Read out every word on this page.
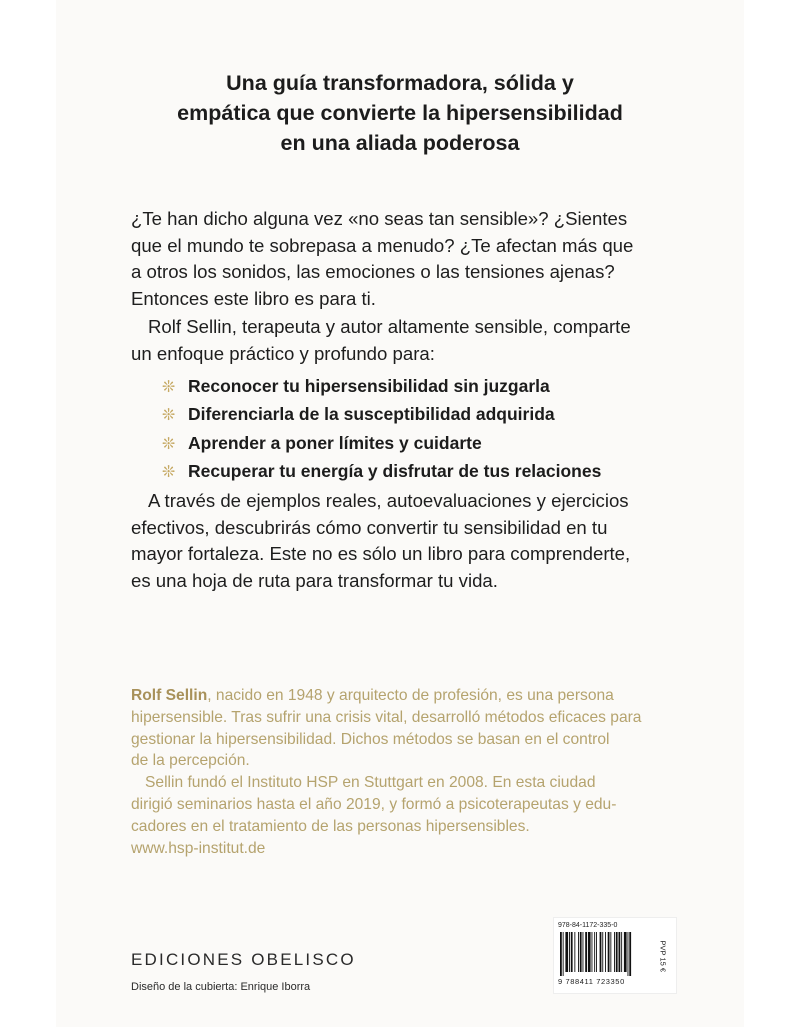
Una guía transformadora, sólida y
empática que convierte la hipersensibilidad
en una aliada poderosa

¿Te han dicho alguna vez «no seas tan sensible»? ¿Sientes
que el mundo te sobrepasa a menudo? ¿Te afectan más que
a otros los sonidos, las emociones o las tensiones ajenas?
Entonces este libro es para ti.

Rolf Sellin, terapeuta y autor altamente sensible, comparte
un enfoque práctico y profundo para:

❊ Reconocer tu hipersensibilidad sin juzgarla
❊ Diferenciarla de la susceptibilidad adquirida
❊ Aprender a poner límites y cuidarte
❊ Recuperar tu energía y disfrutar de tus relaciones

A través de ejemplos reales, autoevaluaciones y ejercicios
efectivos, descubrirás cómo convertir tu sensibilidad en tu
mayor fortaleza. Este no es sólo un libro para comprenderte,
es una hoja de ruta para transformar tu vida.

Rolf Sellin, nacido en 1948 y arquitecto de profesión, es una persona
hipersensible. Tras sufrir una crisis vital, desarrolló métodos eficaces para
gestionar la hipersensibilidad. Dichos métodos se basan en el control
de la percepción.
Sellin fundó el Instituto HSP en Stuttgart en 2008. En esta ciudad
dirigió seminarios hasta el año 2019, y formó a psicoterapeutas y edu-
cadores en el tratamiento de las personas hipersensibles.
www.hsp-institut.de
EDICIONES OBELISCO
Diseño de la cubierta: Enrique Iborra
978-84-1172-335-0
9 788411 723350
PVP 15 €
